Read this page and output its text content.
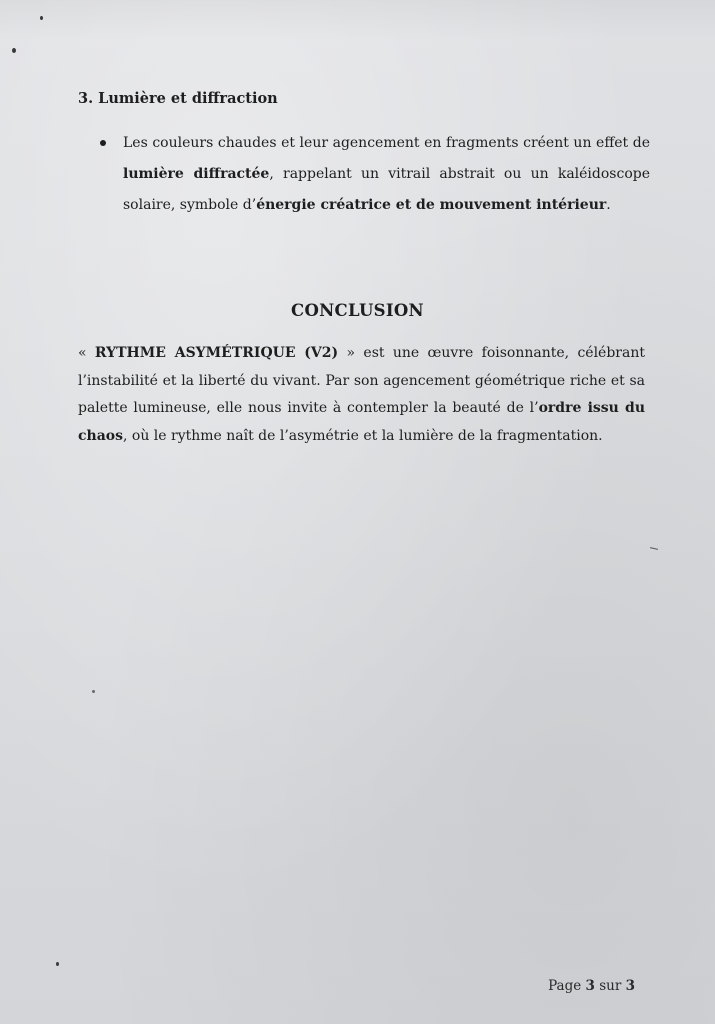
3. Lumière et diffraction
Les couleurs chaudes et leur agencement en fragments créent un effet de lumière diffractée, rappelant un vitrail abstrait ou un kaléidoscope solaire, symbole d’énergie créatrice et de mouvement intérieur.
CONCLUSION

« RYTHME ASYMÉTRIQUE (V2) » est une œuvre foisonnante, célébrant l’instabilité et la liberté du vivant. Par son agencement géométrique riche et sa palette lumineuse, elle nous invite à contempler la beauté de l’ordre issu du chaos, où le rythme naît de l’asymétrie et la lumière de la fragmentation.

Page 3 sur 3
